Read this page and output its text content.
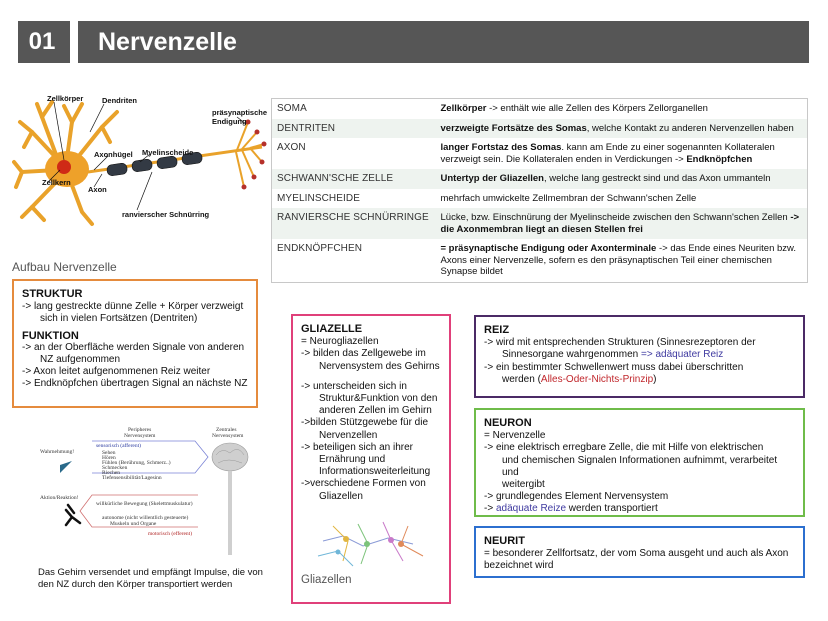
01	Nervenzelle
Zellkörper Dendriten
Axonhügel Myelinscheide
Zellkern
Axon
ranvierscher Schnürring
präsynaptische
Endigung
Aufbau Nervenzelle
SOMA	Zellkörper -> enthält wie alle Zellen des Körpers Zellorganellen
DENTRITEN	verzweigte Fortsätze des Somas, welche Kontakt zu anderen Nervenzellen haben
AXON	langer Fortstaz des Somas. kann am Ende zu einer sogenannten Kollateralen verzweigt sein. Die Kollateralen enden in Verdickungen -> Endknöpfchen
SCHWANN'SCHE ZELLE	Untertyp der Gliazellen, welche lang gestreckt sind und das Axon ummanteln
MYELINSCHEIDE	mehrfach umwickelte Zellmembran der Schwann'schen Zelle
RANVIERSCHE SCHNÜRRINGE	Lücke, bzw. Einschnürung der Myelinscheide zwischen den Schwann'schen Zellen -> die Axonmembran liegt an diesen Stellen frei
ENDKNÖPFCHEN	= präsynaptische Endigung oder Axonterminale -> das Ende eines Neuriten bzw. Axons einer Nervenzelle, sofern es den präsynaptischen Teil einer chemischen Synapse bildet
STRUKTUR
-> lang gestreckte dünne Zelle + Körper verzweigt
sich in vielen Fortsätzen (Dentriten)
FUNKTION
-> an der Oberfläche werden Signale von anderen
NZ aufgenommen
-> Axon leitet aufgenommenen Reiz weiter
-> Endknöpfchen übertragen Signal an nächste NZ
GLIAZELLE
= Neurogliazellen
-> bilden das Zellgewebe im
Nervensystem des Gehirns
-> unterscheiden sich in
Struktur&Funktion von den
anderen Zellen im Gehirn
->bilden Stützgewebe für die
Nervenzellen
-> beteiligen sich an ihrer
Ernährung und
Informationsweiterleitung
->verschiedene Formen von
Gliazellen
Gliazellen
REIZ
-> wird mit entsprechenden Strukturen (Sinnesrezeptoren der
Sinnesorgane wahrgenommen => adäquater Reiz
-> ein bestimmter Schwellenwert muss dabei überschritten
werden (Alles-Oder-Nichts-Prinzip)
NEURON
= Nervenzelle
-> eine elektrisch erregbare Zelle, die mit Hilfe von elektrischen
und chemischen Signalen Informationen aufnimmt, verarbeitet und
weitergibt
-> grundlegendes Element Nervensystem
-> adäquate Reize werden transportiert
NEURIT
= besonderer Zellfortsatz, der vom Soma ausgeht und auch als Axon
bezeichnet wird
Peripheres
Nervensystem
Zentrales
Nervensystem
Wahrnehmung!
sensorisch (afferent)
Sehen
Hören
Fühlen (Berührung, Schmerz..)
Schmecken
Riechen
Tiefensensibilität/Lagesinn
Aktion/Reaktion!
willkürliche Bewegung (Skelettmuskulatur)
autonome (nicht willentlich gesteuerte)
Muskeln und Organe
motorisch (efferent)
Das Gehirn versendet und empfängt Impulse, die von den NZ durch den Körper transportiert werden
